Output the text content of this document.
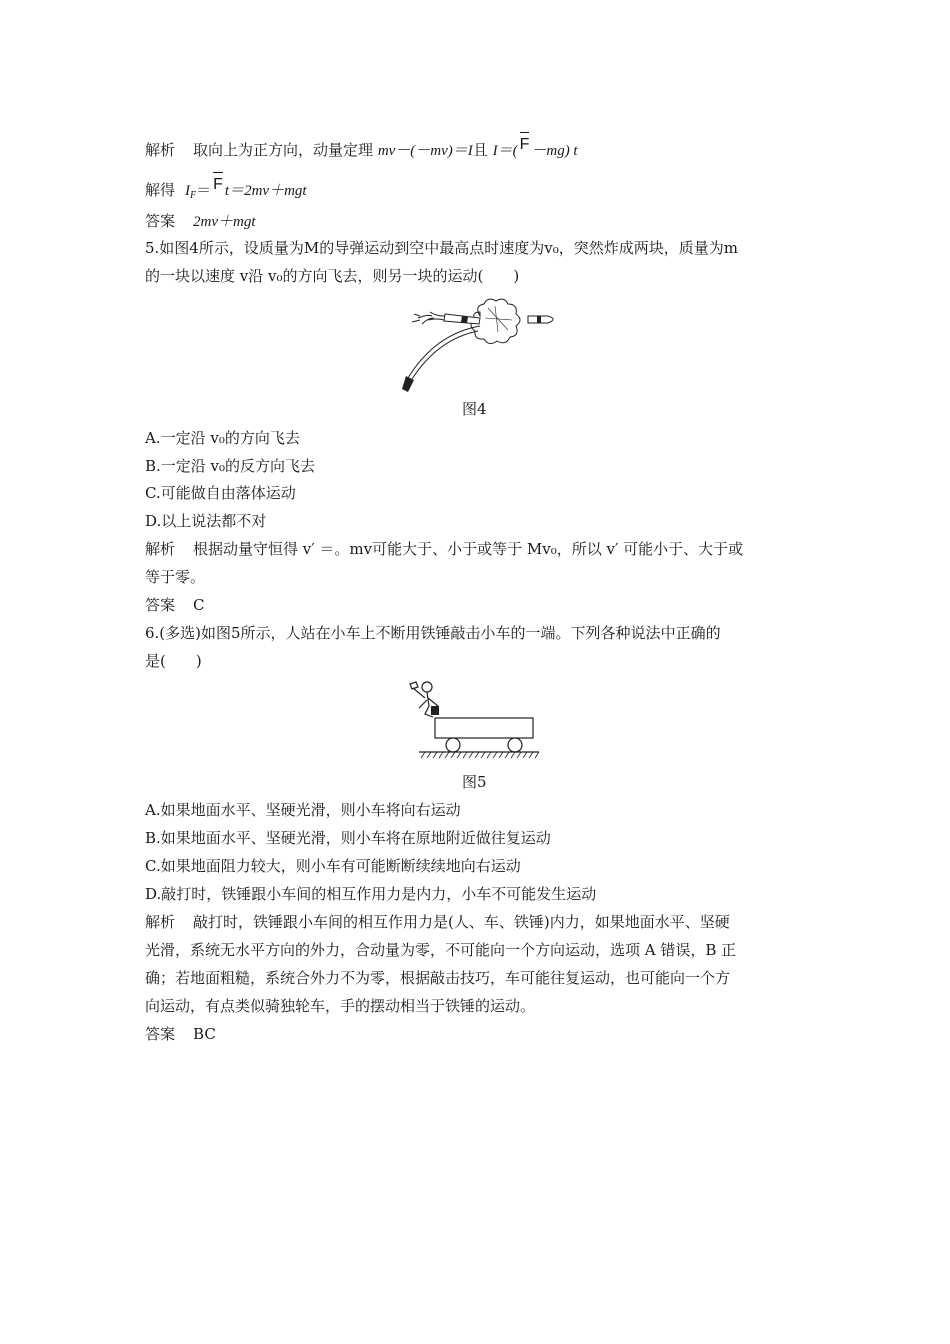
解析 取向上为正方向，动量定理 mv－(－mv)＝I且 I＝( F －mg) t
解得 $I_F= F$ t＝2mv＋mgt
答案 2mv＋mgt
5.如图4所示，设质量为M的导弹运动到空中最高点时速度为v₀，突然炸成两块，质量为m
的一块以速度 v沿 v₀的方向飞去，则另一块的运动(　　)
图4
A.一定沿 v₀的方向飞去
B.一定沿 v₀的反方向飞去
C.可能做自由落体运动
D.以上说法都不对
解析 根据动量守恒得 v′ ＝。mv可能大于、小于或等于 Mv₀，所以 v′ 可能小于、大于或
等于零。
答案 C
6.(多选)如图5所示，人站在小车上不断用铁锤敲击小车的一端。下列各种说法中正确的
是(　　)
图5
A.如果地面水平、坚硬光滑，则小车将向右运动
B.如果地面水平、坚硬光滑，则小车将在原地附近做往复运动
C.如果地面阻力较大，则小车有可能断断续续地向右运动
D.敲打时，铁锤跟小车间的相互作用力是内力，小车不可能发生运动
解析 敲打时，铁锤跟小车间的相互作用力是(人、车、铁锤)内力，如果地面水平、坚硬
光滑，系统无水平方向的外力，合动量为零，不可能向一个方向运动，选项 A 错误，B 正
确；若地面粗糙，系统合外力不为零，根据敲击技巧，车可能往复运动，也可能向一个方
向运动，有点类似骑独轮车，手的摆动相当于铁锤的运动。
答案 BC
